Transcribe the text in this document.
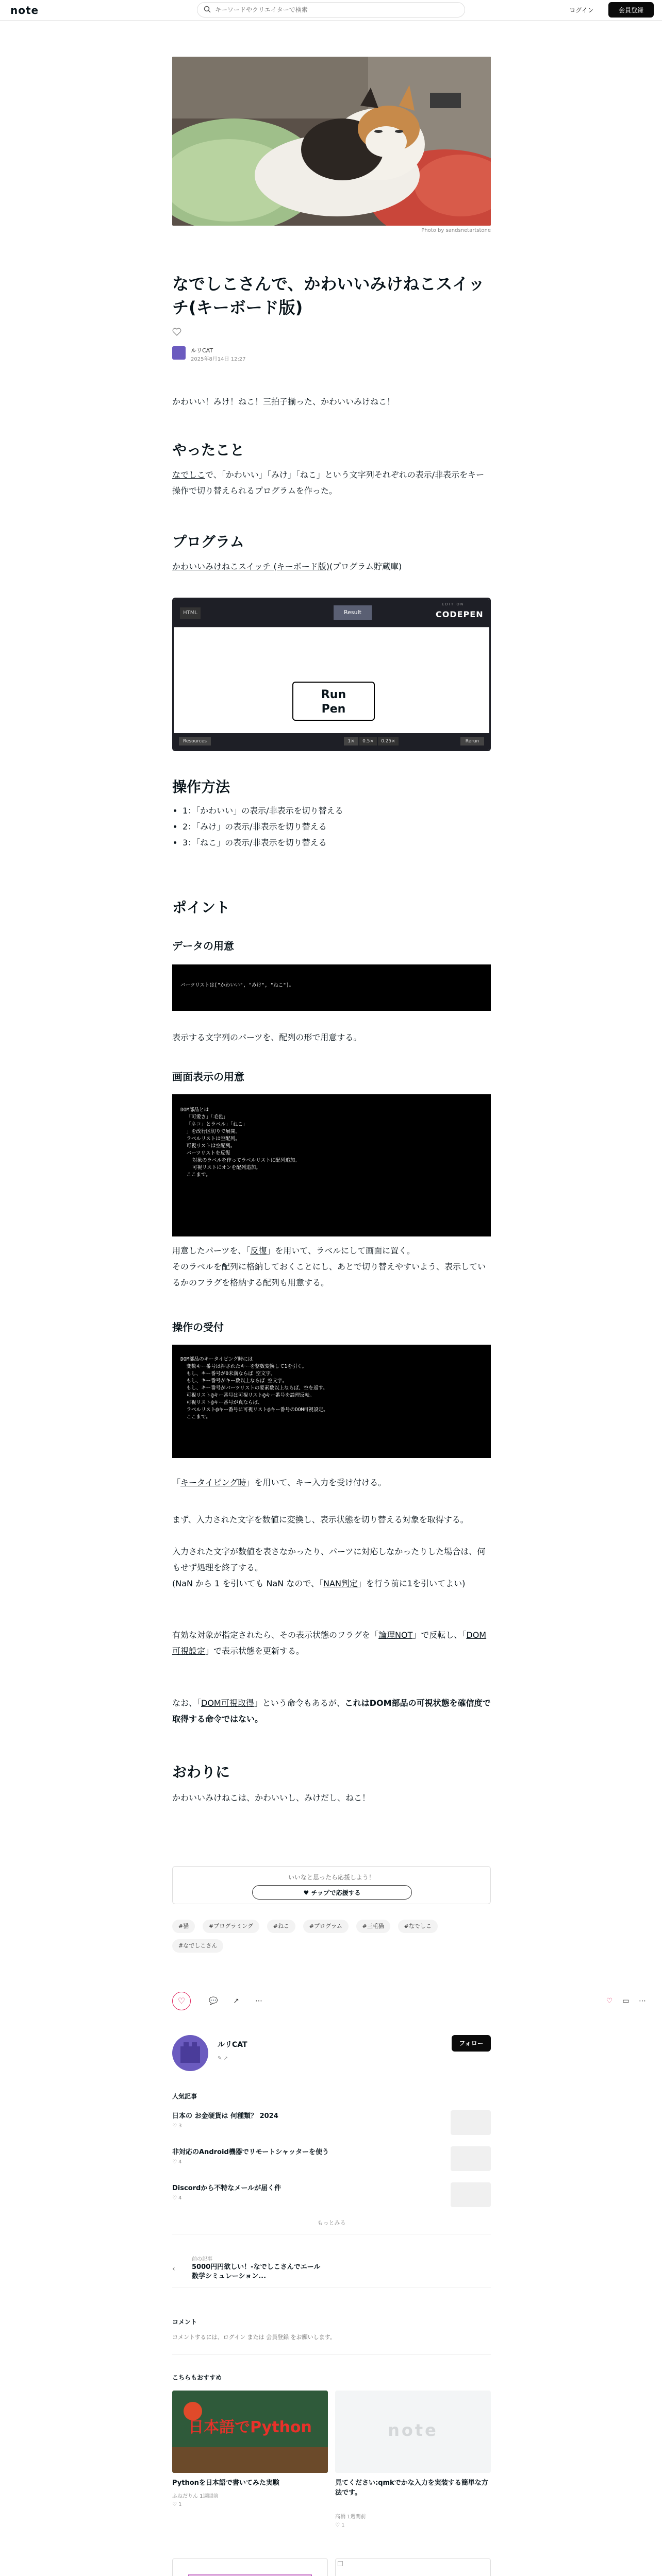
note
キーワードやクリエイターで検索	ログイン	会員登録
Photo by sandsnetartstone
なでしこさんで、かわいいみけねこスイッチ(キーボード版)
ルリCAT
2025年8月14日 12:27
かわいい！みけ！ねこ！三拍子揃った、かわいいみけねこ！
やったこと
なでしこで、「かわいい」「みけ」「ねこ」という文字列それぞれの表示/非表示をキー操作で切り替えられるプログラムを作った。
プログラム
かわいいみけねこスイッチ (キーボード版)(プログラム貯蔵庫)
HTML	Result
EDIT ON
CODEPEN
Run Pen
Resources	1×	0.5×	0.25×	Rerun
操作方法
• 1：「かわいい」の表示/非表示を切り替える
• 2：「みけ」の表示/非表示を切り替える
• 3：「ねこ」の表示/非表示を切り替える
ポイント
データの用意
パーツリストは["かわいい", "みけ", "ねこ"]。
表示する文字列のパーツを、配列の形で用意する。
画面表示の用意
DOM部品とは
「可愛さ」「毛色」
「ネコ」とラベル」「ねこ」
」を改行区切りで展開。
ラベルリストは空配列。
可視リストは空配列。
パーツリストを反復
対象のラベルを作ってラベルリストに配列追加。
可視リストにオンを配列追加。
ここまで。
用意したパーツを、「反復」を用いて、ラベルにして画面に置く。
そのラベルを配列に格納しておくことにし、あとで切り替えやすいよう、表示しているかのフラグを格納する配列も用意する。
操作の受付
DOM部品のキータイピング時には
変数キー番号は押されたキーを整数変換して1を引く。
もし、キー番号が0未満ならば 空文字。
もし、キー番号がキー数以上ならば 空文字。
もし、キー番号がパーツリストの要素数以上ならば、空を返す。
可視リスト@キー番号は可視リスト@キー番号を論理反転。
可視リスト@キー番号が真ならば、
ラベルリスト@キー番号に可視リスト@キー番号のDOM可視設定。
ここまで。
「キータイピング時」を用いて、キー入力を受け付ける。
まず、入力された文字を数値に変換し、表示状態を切り替える対象を取得する。
入力された文字が数値を表さなかったり、パーツに対応しなかったりした場合は、何もせず処理を終了する。
(NaN から 1 を引いても NaN なので、「NAN判定」を行う前に1を引いてよい)
有効な対象が指定されたら、その表示状態のフラグを「論理NOT」で反転し、「DOM可視設定」で表示状態を更新する。
なお、「DOM可視取得」という命令もあるが、これはDOM部品の可視状態を確信度で取得する命令ではない。
おわりに
かわいいみけねこは、かわいいし、みけだし、ねこ！
いいなと思ったら応援しよう！
♥ チップで応援する
#猫	#プログラミング	#ねこ	#プログラム	#三毛猫	#なでしこ
#なでしこさん
♡	💬	↗	⋯	♡	▭	⋯
ルリCAT
✎ ↗
フォロー
人気記事
日本の お金硬貨は 何種類？ 2024
♡ 3
非対応のAndroid機器でリモートシャッターを使う
♡ 4
Discordから不特なメールが届く件
♡ 4
もっとみる
‹
前の記事
5000円円欲しい！-なでしこさんでエール数学シミュレーション...
コメント
コメントするには、ログイン または 会員登録 をお願いします。
こちらもおすすめ
日本語でPython
Pythonを日本語で書いてみた実験
ふねだりん 1週間前
♡ 1
note
見てください:qmkでかな入力を実装する簡単な方法です。
高橋 1週間前
♡ 1
